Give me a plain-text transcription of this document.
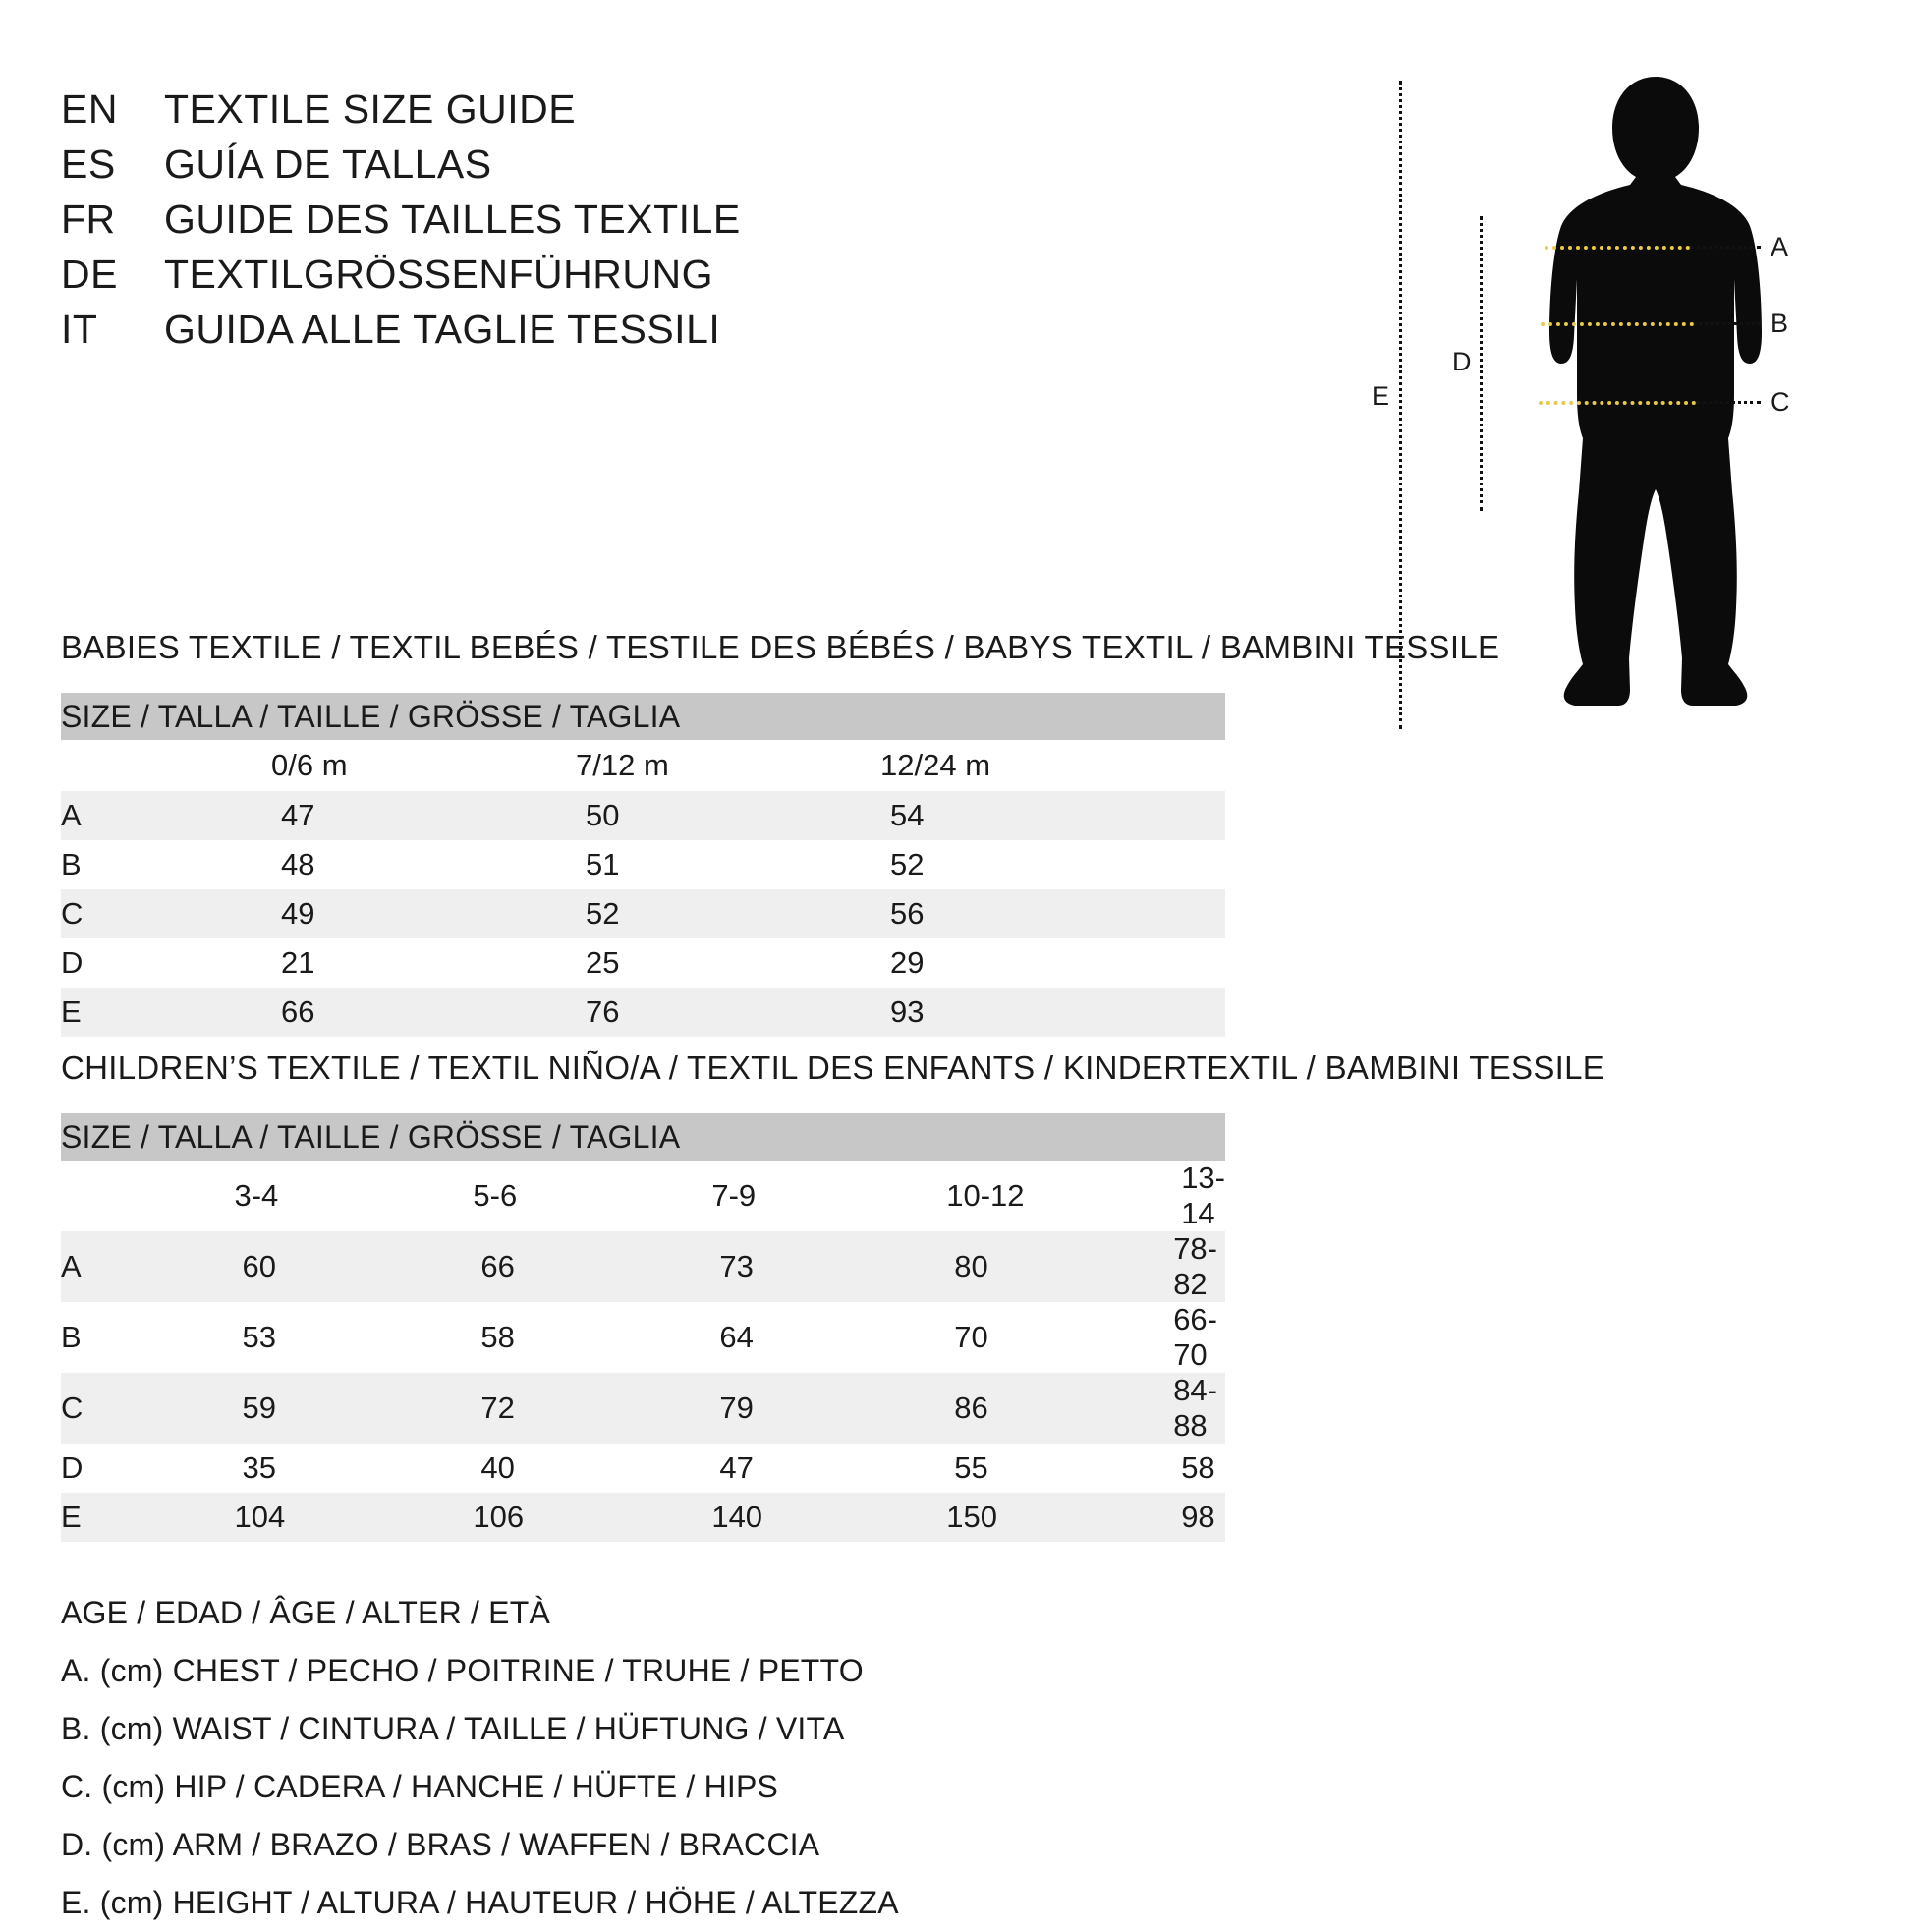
EN	TEXTILE SIZE GUIDE
ES	GUÍA DE TALLAS
FR	GUIDE DES TAILLES TEXTILE
DE	TEXTILGRÖSSENFÜHRUNG
IT	GUIDA ALLE TAGLIE TESSILI
E
D
A
B
C
BABIES TEXTILE / TEXTIL BEBÉS / TESTILE DES BÉBÉS / BABYS TEXTIL / BAMBINI TESSILE
SIZE / TALLA / TAILLE / GRÖSSE / TAGLIA			
	0/6 m	7/12 m	12/24 m
A	47	50	54
B	48	51	52
C	49	52	56
D	21	25	29
E	66	76	93
CHILDREN’S TEXTILE / TEXTIL NIÑO/A / TEXTIL DES ENFANTS / KINDERTEXTIL / BAMBINI TESSILE
SIZE / TALLA / TAILLE / GRÖSSE / TAGLIA					
	3-4	5-6	7-9	10-12	13-14
A	60	66	73	80	78-82
B	53	58	64	70	66-70
C	59	72	79	86	84-88
D	35	40	47	55	58
E	104	106	140	150	98
AGE / EDAD / ÂGE / ALTER / ETÀ
A. (cm) CHEST / PECHO / POITRINE / TRUHE / PETTO
B. (cm) WAIST / CINTURA / TAILLE / HÜFTUNG / VITA
C. (cm) HIP / CADERA / HANCHE / HÜFTE / HIPS
D. (cm) ARM / BRAZO / BRAS / WAFFEN / BRACCIA
E. (cm) HEIGHT / ALTURA / HAUTEUR / HÖHE / ALTEZZA
